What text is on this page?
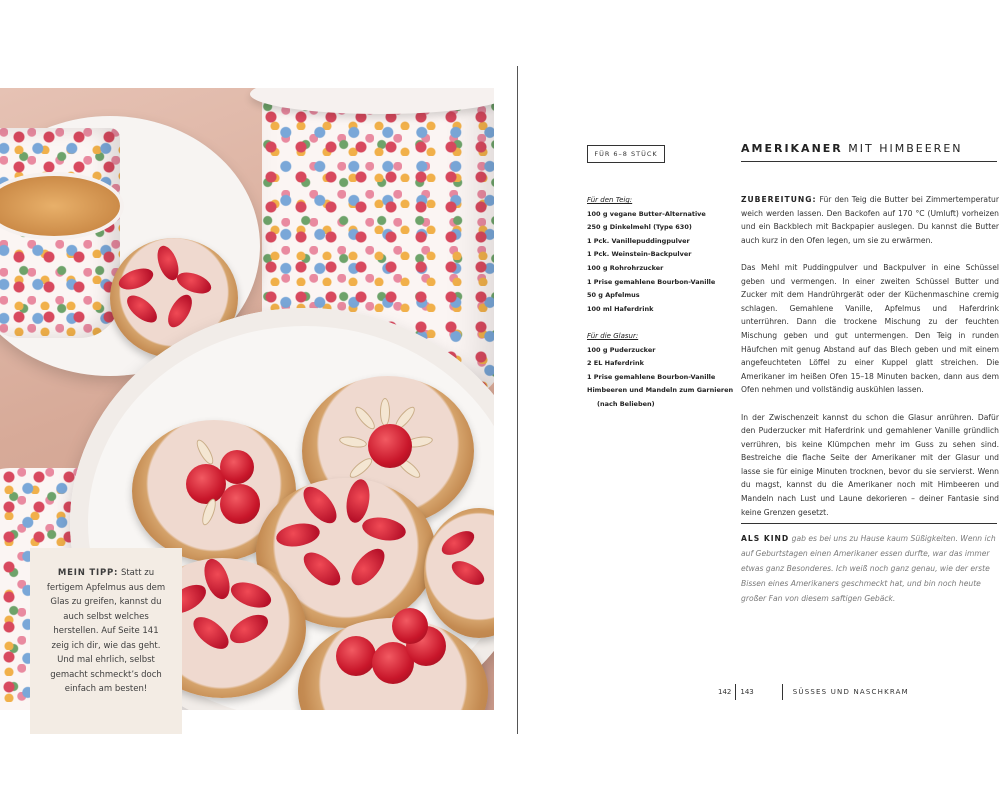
MEIN TIPP: Statt zu fertigem Apfelmus aus dem Glas zu greifen, kannst du auch selbst welches herstellen. Auf Seite 141 zeig ich dir, wie das geht. Und mal ehrlich, selbst gemacht schmeckt’s doch einfach am besten!
FÜR 6–8 STÜCK	AMERIKANER MIT HIMBEEREN
Für den Teig:
100 g vegane Butter-Alternative
250 g Dinkelmehl (Type 630)
1 Pck. Vanillepuddingpulver
1 Pck. Weinstein-Backpulver
100 g Rohrohrzucker
1 Prise gemahlene Bourbon-Vanille
50 g Apfelmus
100 ml Haferdrink
Für die Glasur:
100 g Puderzucker
2 EL Haferdrink
1 Prise gemahlene Bourbon-Vanille
Himbeeren und Mandeln zum Garnieren
(nach Belieben)

ZUBEREITUNG: Für den Teig die Butter bei Zimmertemperatur weich werden lassen. Den Backofen auf 170 °C (Umluft) vorheizen und ein Backblech mit Backpapier auslegen. Du kannst die Butter auch kurz in den Ofen legen, um sie zu erwärmen.

Das Mehl mit Puddingpulver und Backpulver in eine Schüssel geben und vermengen. In einer zweiten Schüssel Butter und Zucker mit dem Handrührgerät oder der Küchenmaschine cremig schlagen. Gemahlene Vanille, Apfelmus und Haferdrink unterrühren. Dann die trockene Mischung zu der feuchten Mischung geben und gut untermengen. Den Teig in runden Häufchen mit genug Abstand auf das Blech geben und mit einem angefeuchteten Löffel zu einer Kuppel glatt streichen. Die Amerikaner im heißen Ofen 15–18 Minuten backen, dann aus dem Ofen nehmen und vollständig auskühlen lassen.

In der Zwischenzeit kannst du schon die Glasur anrühren. Dafür den Puderzucker mit Haferdrink und gemahlener Vanille gründlich verrühren, bis keine Klümpchen mehr im Guss zu sehen sind. Bestreiche die flache Seite der Amerikaner mit der Glasur und lasse sie für einige Minuten trocknen, bevor du sie servierst. Wenn du magst, kannst du die Amerikaner noch mit Himbeeren und Mandeln nach Lust und Laune dekorieren – deiner Fantasie sind keine Grenzen gesetzt.

ALS KIND gab es bei uns zu Hause kaum Süßigkeiten. Wenn ich auf Geburtstagen einen Amerikaner essen durfte, war das immer etwas ganz Besonderes. Ich weiß noch ganz genau, wie der erste Bissen eines Amerikaners geschmeckt hat, und bin noch heute großer Fan von diesem saftigen Gebäck.
142 143	SÜSSES UND NASCHKRAM
